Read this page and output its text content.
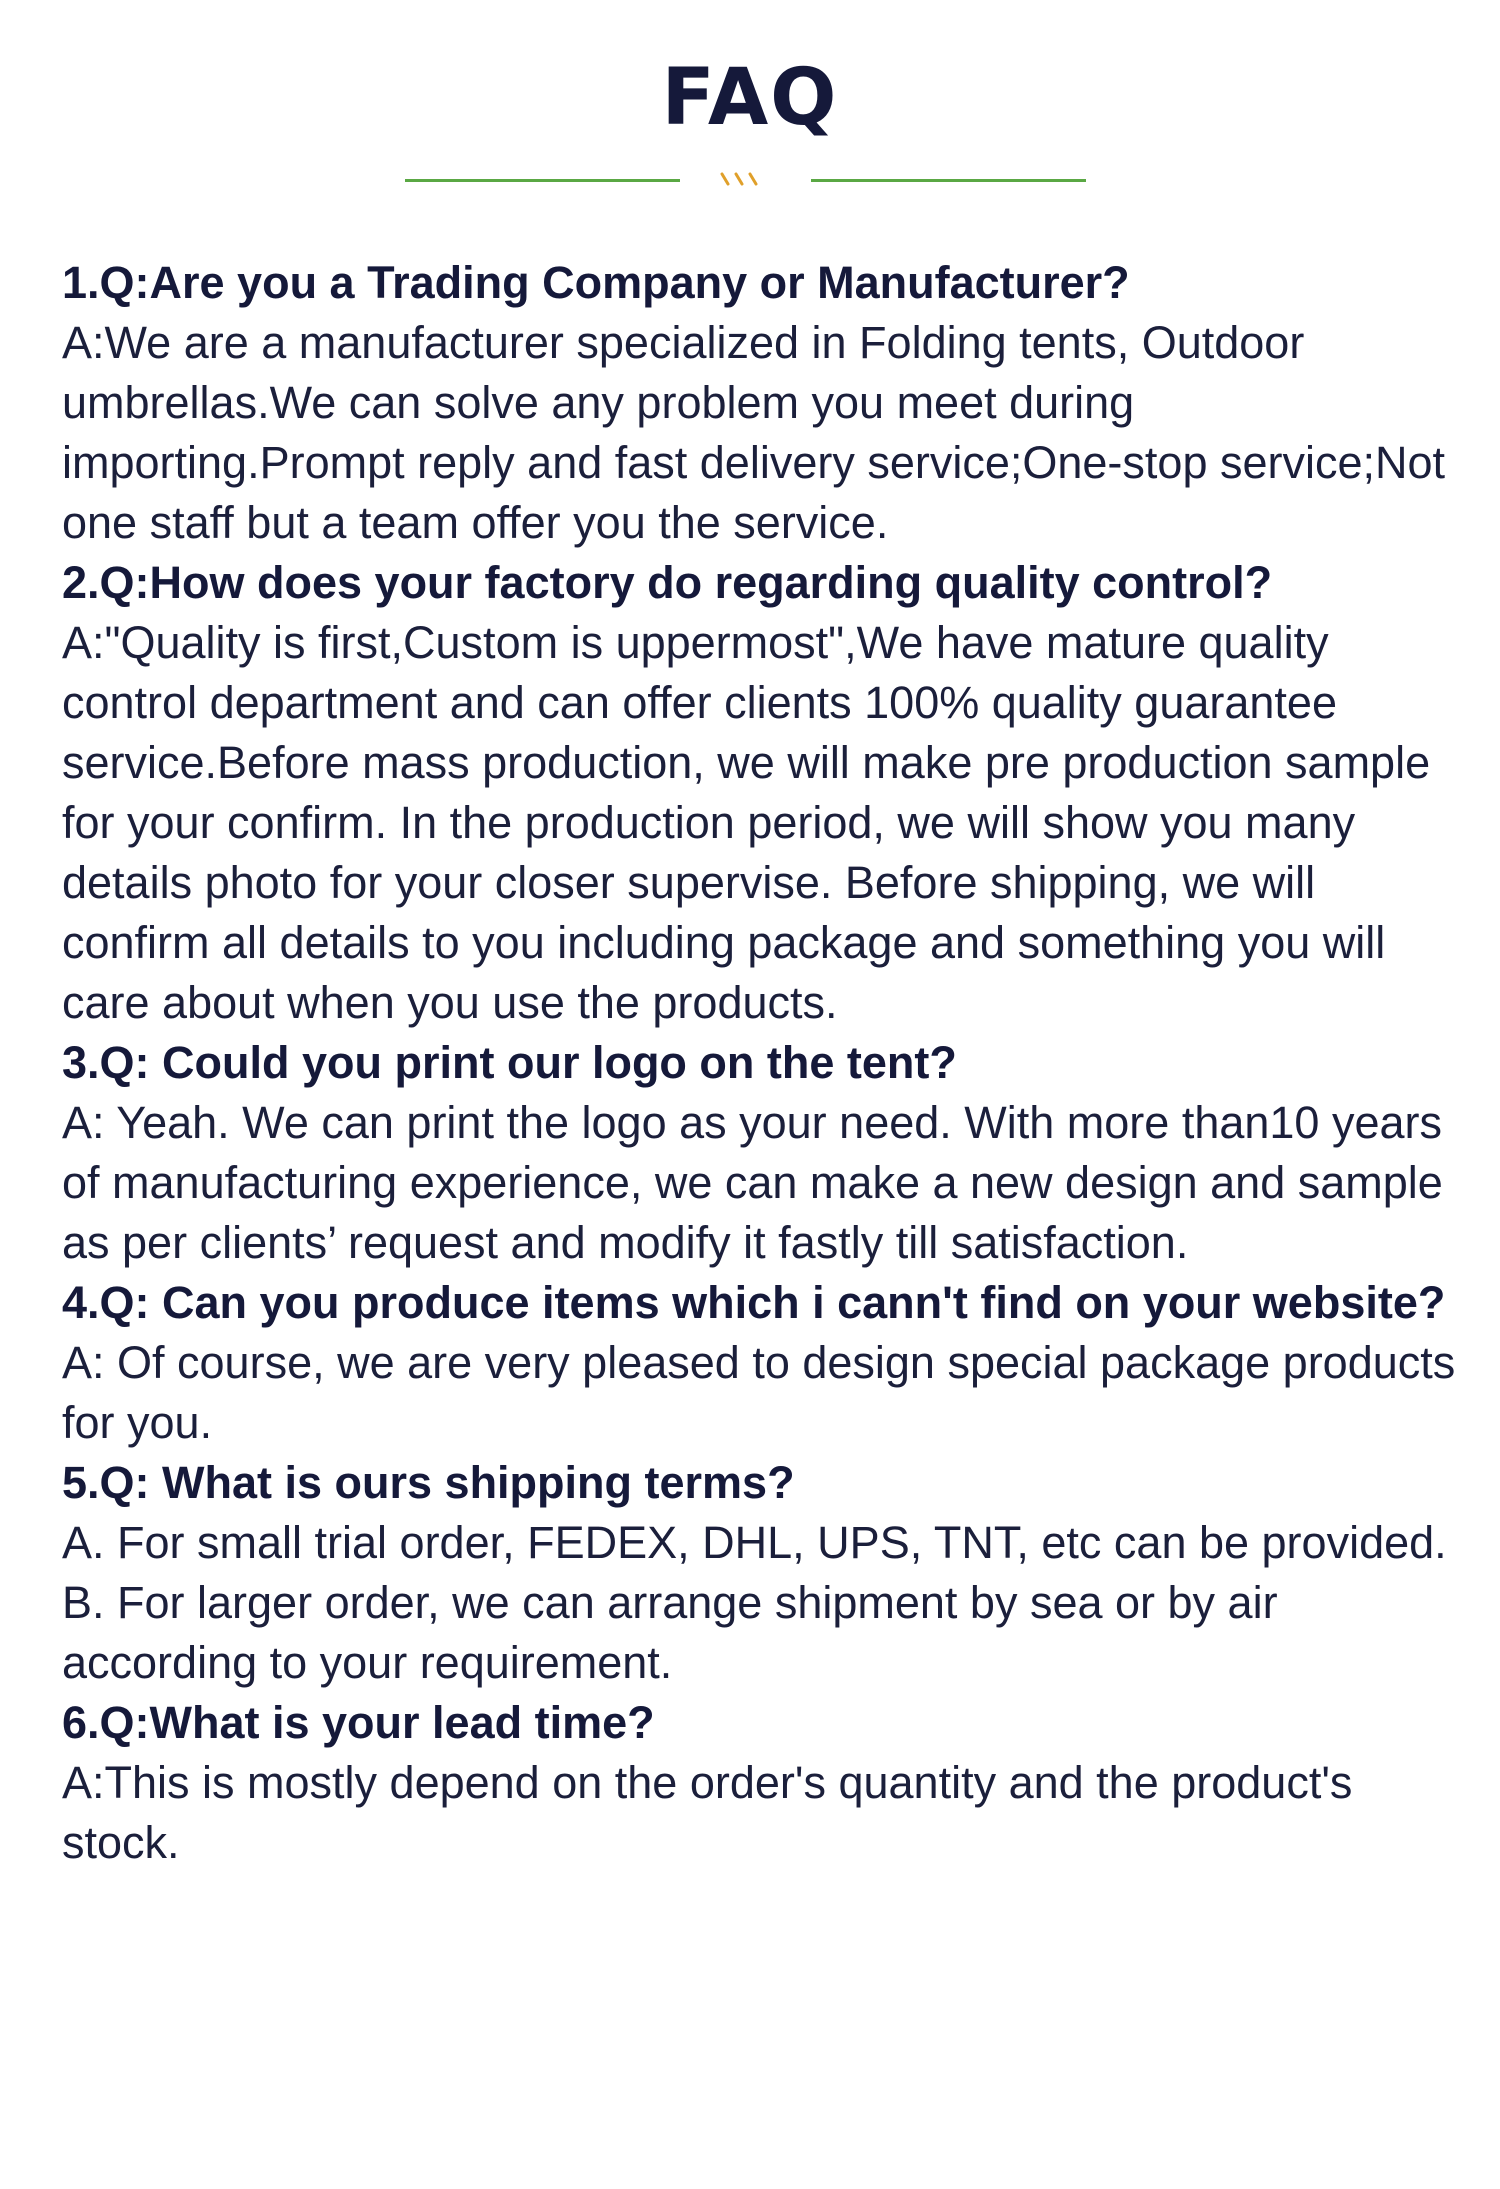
FAQ

1.Q:Are you a Trading Company or Manufacturer?

A:We are a manufacturer specialized in Folding tents, Outdoor umbrellas.We can solve any problem you meet during importing.Prompt reply and fast delivery service;One-stop service;Not one staff but a team offer you the service.

2.Q:How does your factory do regarding quality control?

A:"Quality is first,Custom is uppermost",We have mature quality control department and can offer clients 100% quality guarantee service.Before mass production, we will make pre production sample for your confirm. In the production period, we will show you many details photo for your closer supervise. Before shipping, we will confirm all details to you including package and something you will care about when you use the products.

3.Q: Could you print our logo on the tent?

A: Yeah. We can print the logo as your need. With more than10 years of manufacturing experience, we can make a new design and sample as per clients’ request and modify it fastly till satisfaction.

4.Q: Can you produce items which i cann't find on your website?

A: Of course, we are very pleased to design special package products for you.

5.Q: What is ours shipping terms?

A. For small trial order, FEDEX, DHL, UPS, TNT, etc can be provided.

B. For larger order, we can arrange shipment by sea or by air according to your requirement.

6.Q:What is your lead time?

A:This is mostly depend on the order's quantity and the product's stock.
